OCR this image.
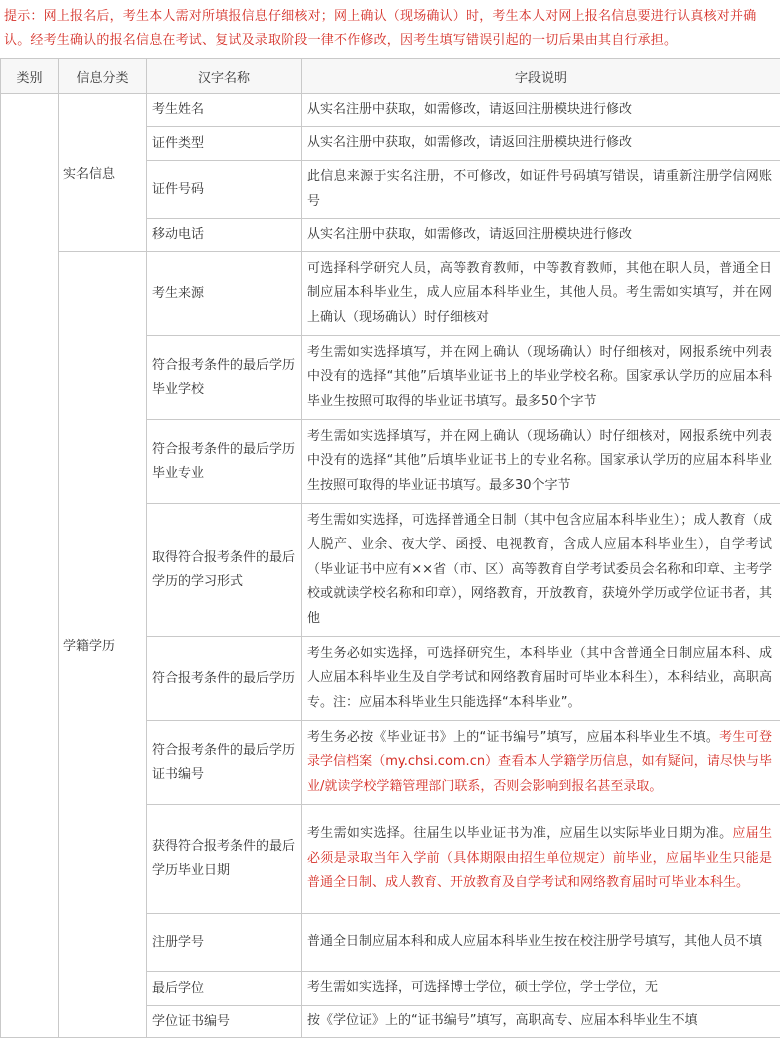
提示：网上报名后，考生本人需对所填报信息仔细核对；网上确认（现场确认）时，考生本人对网上报名信息要进行认真核对并确认。经考生确认的报名信息在考试、复试及录取阶段一律不作修改，因考生填写错误引起的一切后果由其自行承担。
类别	信息分类	汉字名称	字段说明
	实名信息	考生姓名	从实名注册中获取，如需修改，请返回注册模块进行修改
		证件类型	从实名注册中获取，如需修改，请返回注册模块进行修改
		证件号码	此信息来源于实名注册，不可修改，如证件号码填写错误，请重新注册学信网账号
		移动电话	从实名注册中获取，如需修改，请返回注册模块进行修改
	学籍学历	考生来源	可选择科学研究人员，高等教育教师，中等教育教师，其他在职人员，普通全日制应届本科毕业生，成人应届本科毕业生，其他人员。考生需如实填写，并在网上确认（现场确认）时仔细核对
		符合报考条件的最后学历毕业学校	考生需如实选择填写，并在网上确认（现场确认）时仔细核对，网报系统中列表中没有的选择“其他”后填毕业证书上的毕业学校名称。国家承认学历的应届本科毕业生按照可取得的毕业证书填写。最多50个字节
		符合报考条件的最后学历毕业专业	考生需如实选择填写，并在网上确认（现场确认）时仔细核对，网报系统中列表中没有的选择“其他”后填毕业证书上的专业名称。国家承认学历的应届本科毕业生按照可取得的毕业证书填写。最多30个字节
		取得符合报考条件的最后学历的学习形式	考生需如实选择，可选择普通全日制（其中包含应届本科毕业生）；成人教育（成人脱产、业余、夜大学、函授、电视教育，含成人应届本科毕业生），自学考试（毕业证书中应有××省（市、区）高等教育自学考试委员会名称和印章、主考学校或就读学校名称和印章），网络教育，开放教育，获境外学历或学位证书者，其他
		符合报考条件的最后学历	考生务必如实选择，可选择研究生，本科毕业（其中含普通全日制应届本科、成人应届本科毕业生及自学考试和网络教育届时可毕业本科生），本科结业，高职高专。注：应届本科毕业生只能选择“本科毕业”。
		符合报考条件的最后学历证书编号	考生务必按《毕业证书》上的“证书编号”填写，应届本科毕业生不填。考生可登录学信档案（my.chsi.com.cn）查看本人学籍学历信息，如有疑问，请尽快与毕业/就读学校学籍管理部门联系，否则会影响到报名甚至录取。
		获得符合报考条件的最后学历毕业日期	考生需如实选择。往届生以毕业证书为准，应届生以实际毕业日期为准。应届生必须是录取当年入学前（具体期限由招生单位规定）前毕业，应届毕业生只能是普通全日制、成人教育、开放教育及自学考试和网络教育届时可毕业本科生。
		注册学号	普通全日制应届本科和成人应届本科毕业生按在校注册学号填写，其他人员不填
		最后学位	考生需如实选择，可选择博士学位，硕士学位，学士学位，无
		学位证书编号	按《学位证》上的“证书编号”填写，高职高专、应届本科毕业生不填
